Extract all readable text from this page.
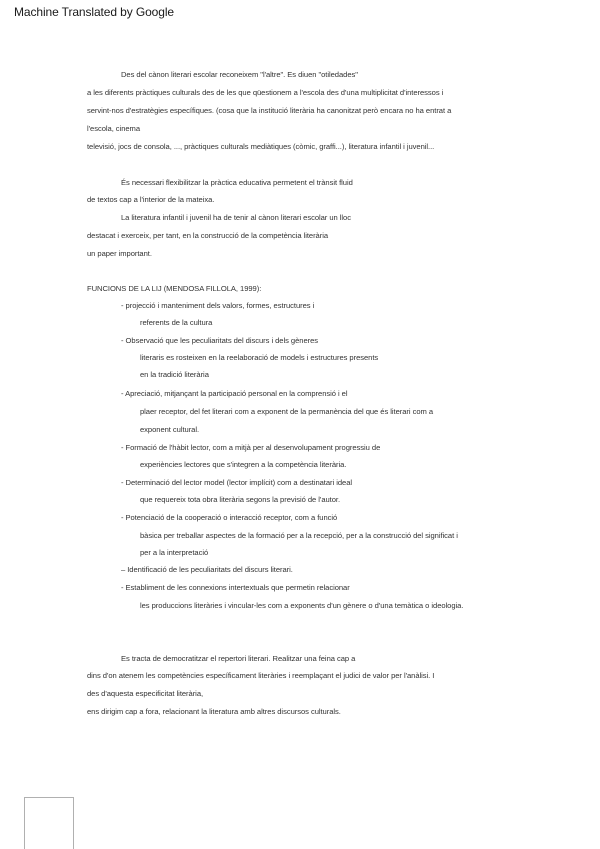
Machine Translated by Google
Des del cànon literari escolar reconeixem "l'altre". Es diuen "otiledades"
a les diferents pràctiques culturals des de les que qüestionem a l'escola des d'una multiplicitat d'interessos i
servint-nos d'estratègies específiques. (cosa que la institució literària ha canonitzat però encara no ha entrat a
l'escola, cinema
televisió, jocs de consola, ..., pràctiques culturals mediàtiques (còmic, graffi...), literatura infantil i juvenil...
És necessari flexibilitzar la pràctica educativa permetent el trànsit fluid
de textos cap a l'interior de la mateixa.
La literatura infantil i juvenil ha de tenir al cànon literari escolar un lloc
destacat i exerceix, per tant, en la construcció de la competència literària
un paper important.
FUNCIONS DE LA LIJ (MENDOSA FILLOLA, 1999):
- projecció i manteniment dels valors, formes, estructures i
referents de la cultura
- Observació que les peculiaritats del discurs i dels gèneres
literaris es rosteixen en la reelaboració de models i estructures presents
en la tradició literària
- Apreciació, mitjançant la participació personal en la comprensió i el
plaer receptor, del fet literari com a exponent de la permanència del que és literari com a
exponent cultural.
- Formació de l'hàbit lector, com a mitjà per al desenvolupament progressiu de
experiències lectores que s'integren a la competència literària.
- Determinació del lector model (lector implícit) com a destinatari ideal
que requereix tota obra literària segons la previsió de l'autor.
- Potenciació de la cooperació o interacció receptor, com a funció
bàsica per treballar aspectes de la formació per a la recepció, per a la construcció del significat i
per a la interpretació
– Identificació de les peculiaritats del discurs literari.
- Establiment de les connexions intertextuals que permetin relacionar
les produccions literàries i vincular-les com a exponents d'un gènere o d'una temàtica o ideologia.
Es tracta de democratitzar el repertori literari. Realitzar una feina cap a
dins d'on atenem les competències específicament literàries i reemplaçant el judici de valor per l'anàlisi. I
des d'aquesta especificitat literària,
ens dirigim cap a fora, relacionant la literatura amb altres discursos culturals.
